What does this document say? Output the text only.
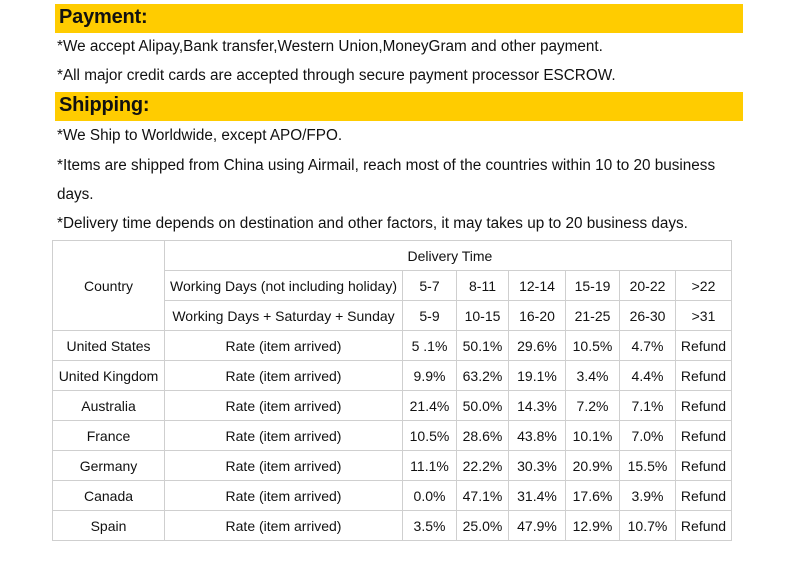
Payment:
*We accept Alipay,Bank transfer,Western Union,MoneyGram and other payment.
*All major credit cards are accepted through secure payment processor ESCROW.
Shipping:
*We Ship to Worldwide, except APO/FPO.
*Items are shipped from China using Airmail, reach most of the countries within 10 to 20 business
days.
*Delivery time depends on destination and other factors, it may takes up to 20 business days.
Country		Delivery Time					
	Working Days (not including holiday)	5-7	8-11	12-14	15-19	20-22	>22
	Working Days + Saturday + Sunday	5-9	10-15	16-20	21-25	26-30	>31
United States	Rate (item arrived)	5 .1%	50.1%	29.6%	10.5%	4.7%	Refund
United Kingdom	Rate (item arrived)	9.9%	63.2%	19.1%	3.4%	4.4%	Refund
Australia	Rate (item arrived)	21.4%	50.0%	14.3%	7.2%	7.1%	Refund
France	Rate (item arrived)	10.5%	28.6%	43.8%	10.1%	7.0%	Refund
Germany	Rate (item arrived)	11.1%	22.2%	30.3%	20.9%	15.5%	Refund
Canada	Rate (item arrived)	0.0%	47.1%	31.4%	17.6%	3.9%	Refund
Spain	Rate (item arrived)	3.5%	25.0%	47.9%	12.9%	10.7%	Refund
